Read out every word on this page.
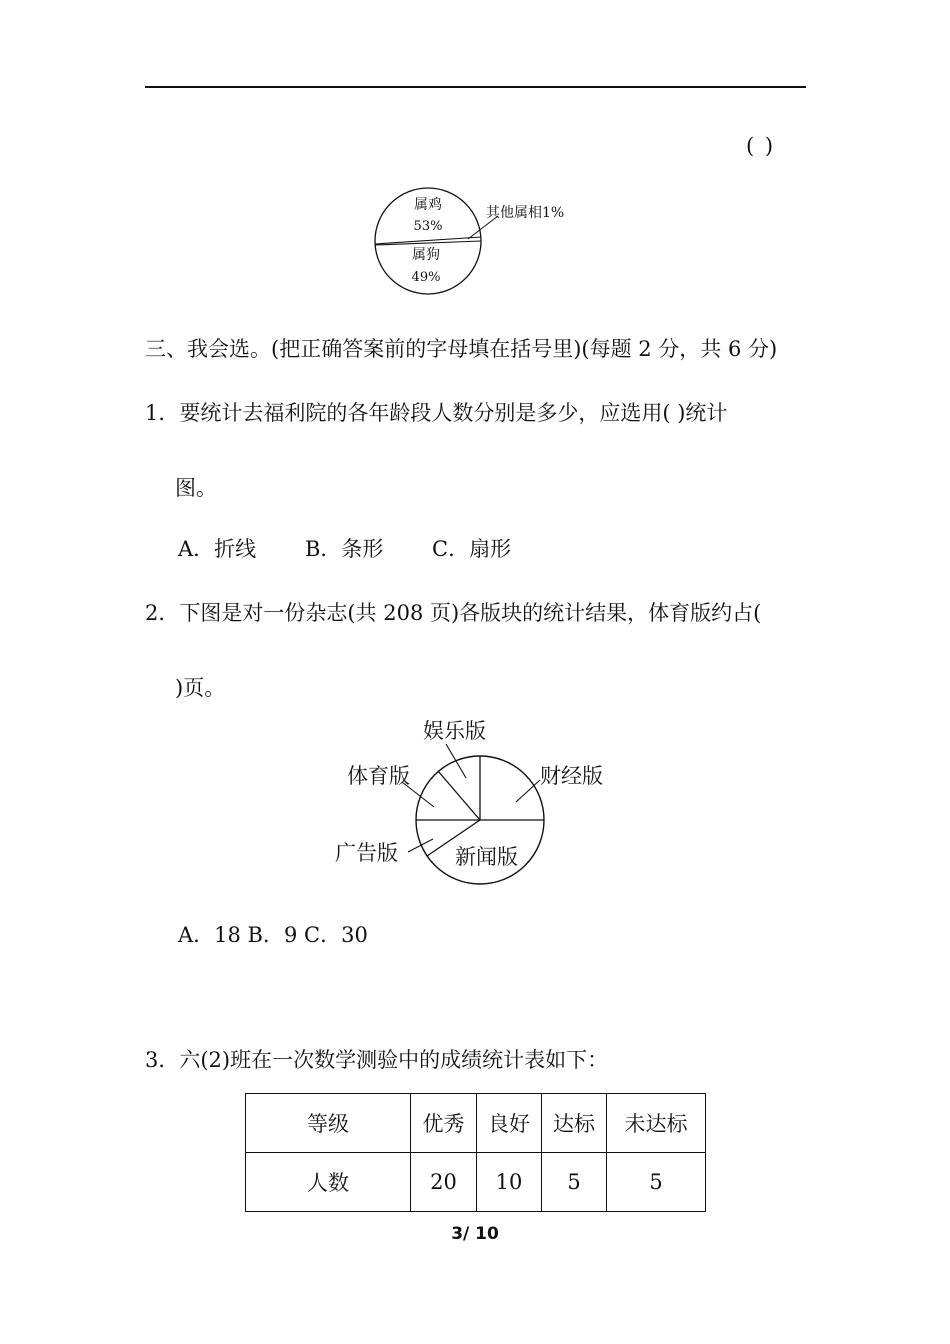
( )
属鸡
53%
属狗
49%
其他属相1%
三、我会选。(把正确答案前的字母填在括号里)(每题 2 分，共 6 分)
1．要统计去福利院的各年龄段人数分别是多少，应选用( )统计
图。
A．折线 B．条形 C．扇形
2．下图是对一份杂志(共 208 页)各版块的统计结果，体育版约占(
)页。
娱乐版
财经版
体育版
广告版	新闻版
A．18 B．9 C．30
3．六(2)班在一次数学测验中的成绩统计表如下：
等级	优秀	良好	达标	未达标
人数	20	10	5	5
3/ 10
